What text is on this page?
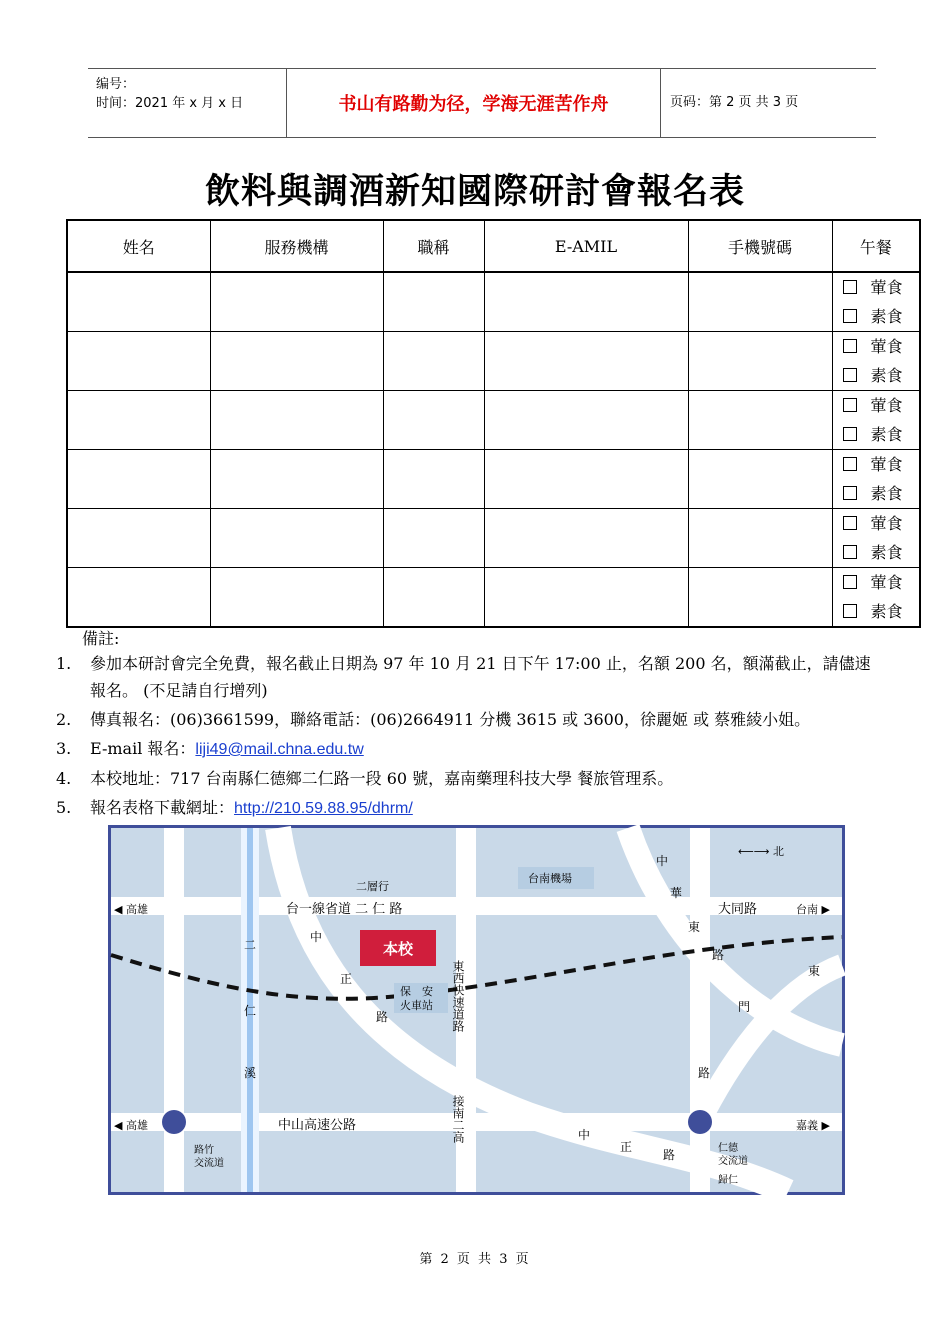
编号：
时间：2021 年 x 月 x 日	书山有路勤为径，学海无涯苦作舟	页码：第 2 页 共 3 页
飲料與調酒新知國際研討會報名表
姓名	服務機構	職稱	E-AMIL	手機號碼	午餐

					葷食
素食

					葷食
素食

					葷食
素食

					葷食
素食

					葷食
素食

					葷食
素食
備註:
1. 參加本研討會完全免費，報名截止日期為 97 年 10 月 21 日下午 17:00 止，名額 200 名，額滿截止，請儘速報名。 (不足請自行增列)
2. 傳真報名：(06)3661599，聯絡電話：(06)2664911 分機 3615 或 3600，徐麗姬 或 蔡雅綾小姐。
3. E-mail 報名：liji49@mail.chna.edu.tw
4. 本校地址：717 台南縣仁德鄉二仁路一段 60 號，嘉南藥理科技大學 餐旅管理系。
5. 報名表格下載網址：http://210.59.88.95/dhrm/
本校
⟵⟶ 北
◀ 高雄	台南 ▶
◀ 高雄	嘉義 ▶
二層行
台一線省道 二 仁 路
台南機場
大同路
中
華
東
路
東
門
路
中
正
路	東西快速道路
保　安
火車站
二
仁
溪
中山高速公路	接南二高	中
正
路
路竹
交流道
仁德
交流道
歸仁
第 2 页 共 3 页
